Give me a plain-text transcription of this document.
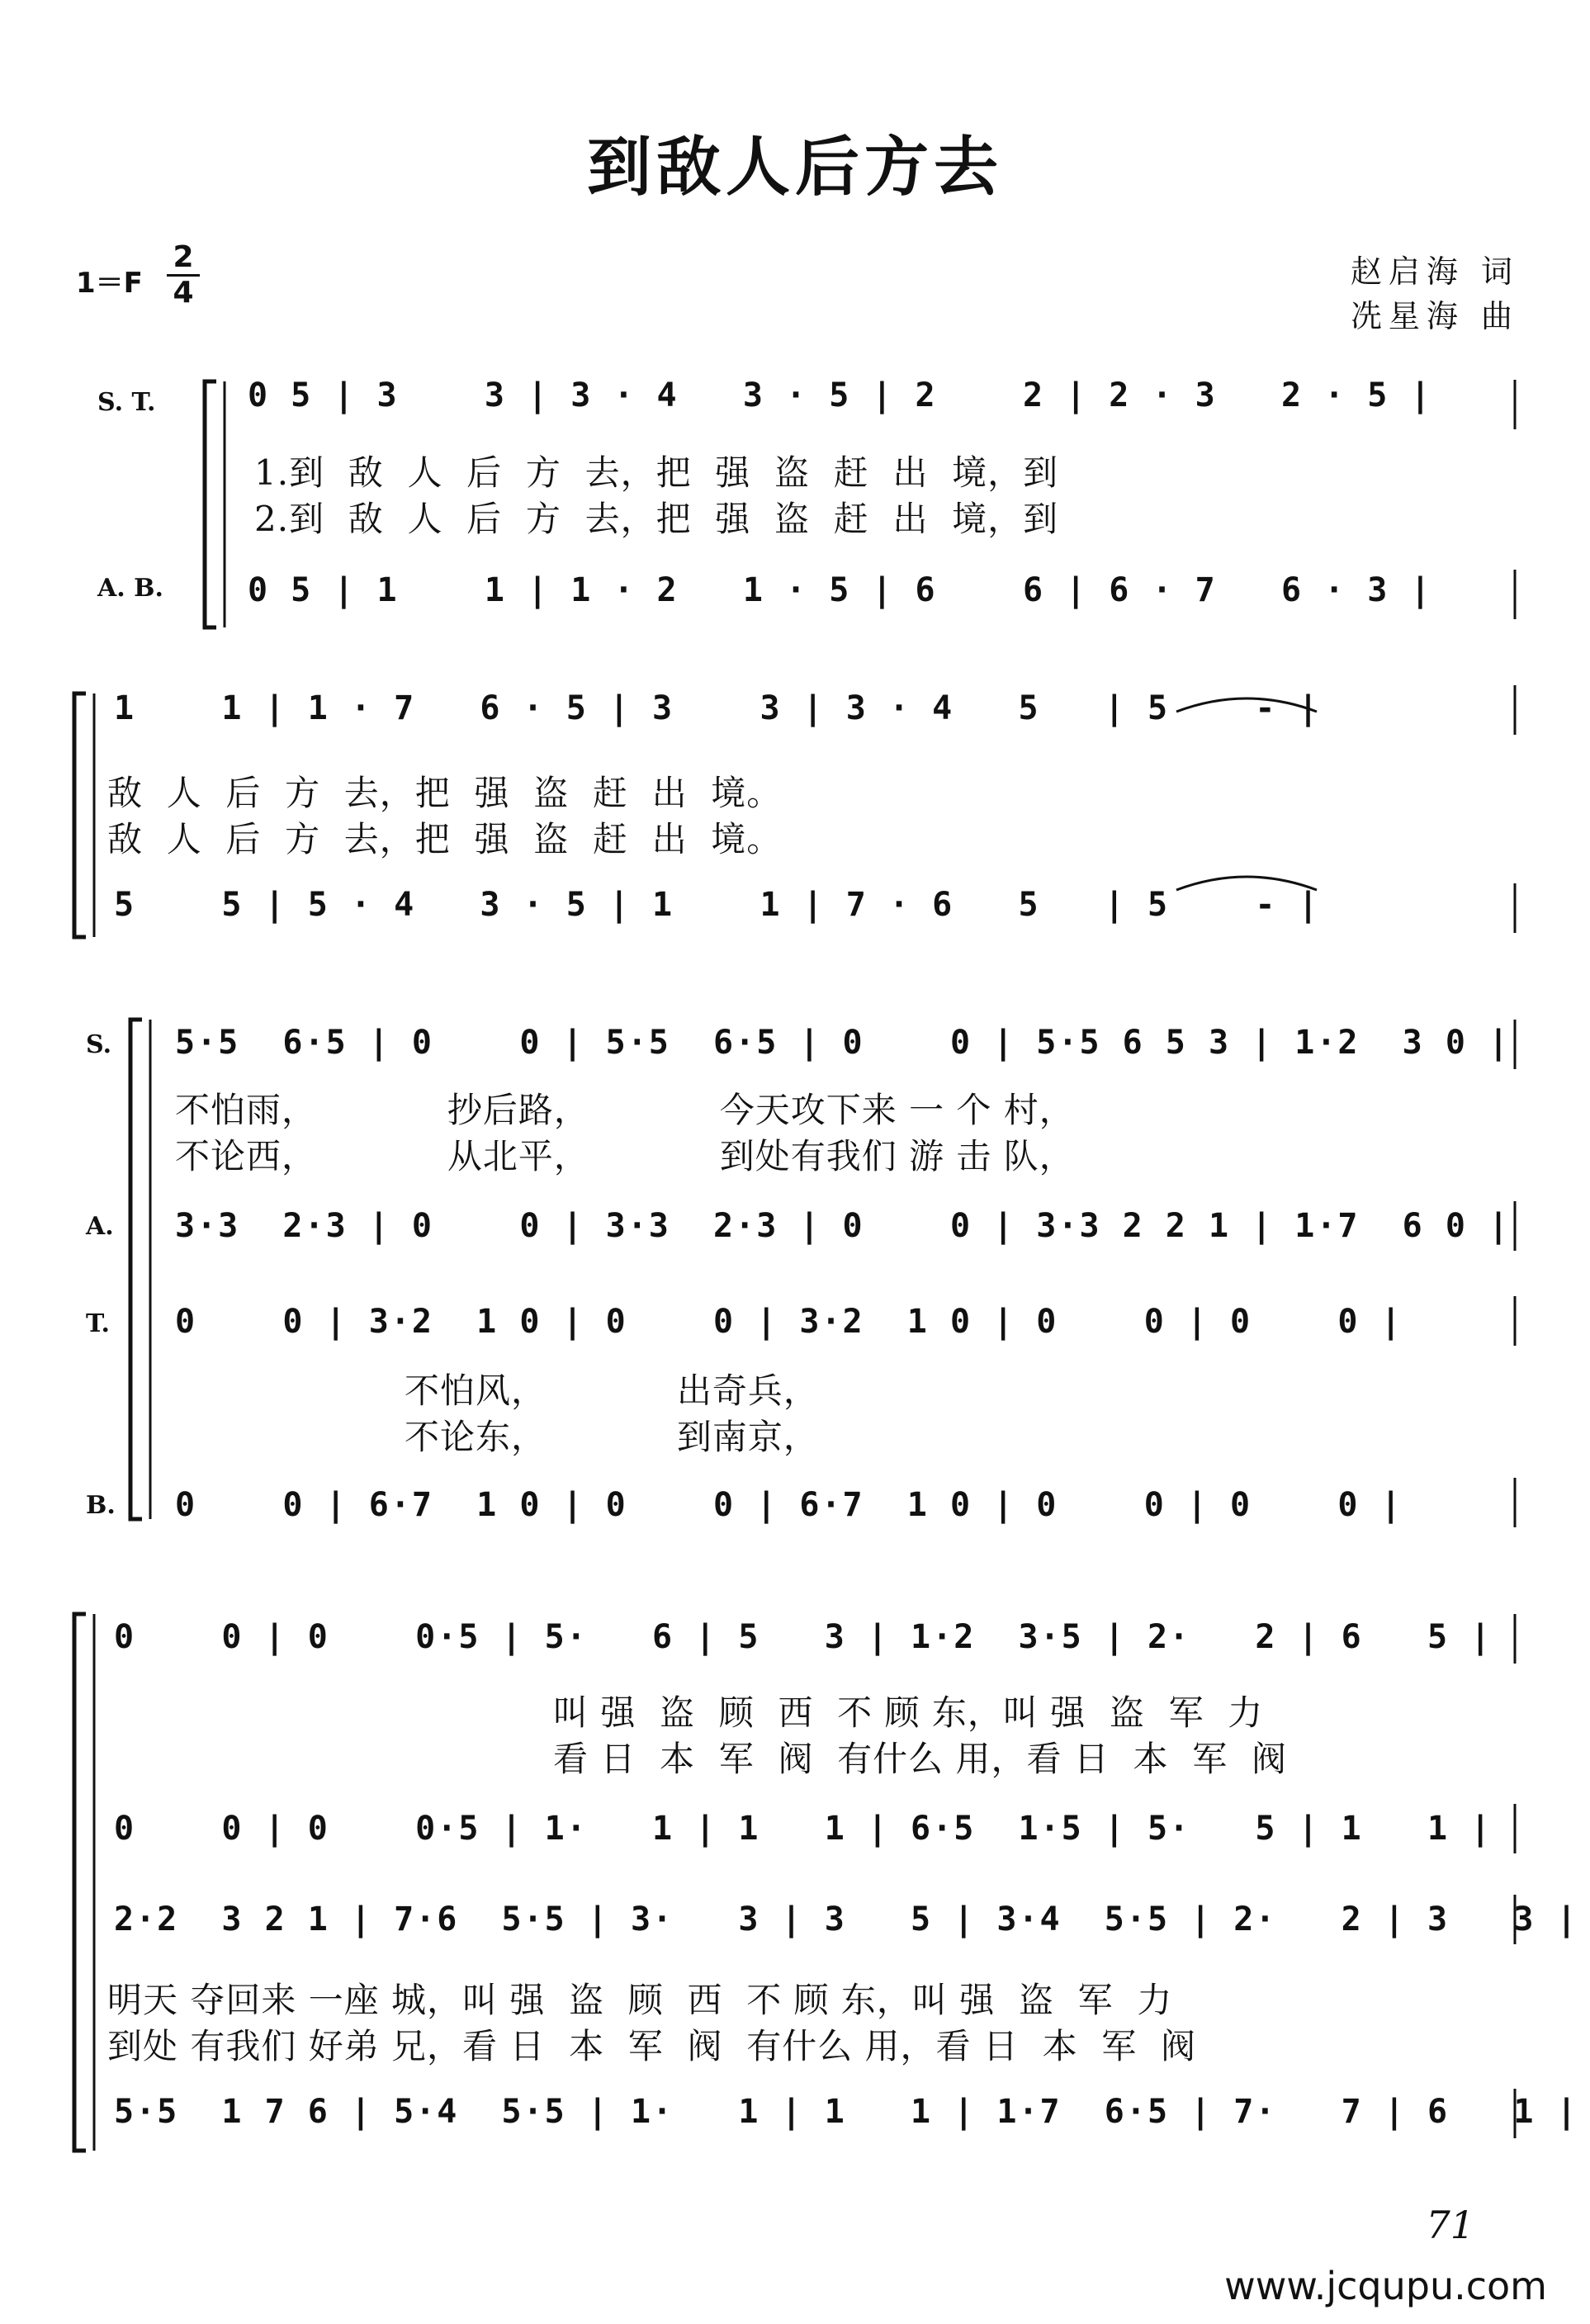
到敌人后方去
1＝F
2
4
赵启海 词
冼星海 曲
S. T.
A. B.
S.
A.
T.
B.
0 5 | 3    3 | 3 · 4   3 · 5 | 2    2 | 2 · 3   2 · 5 |
1.到  敌  人  后  方  去，把  强  盗  赶  出  境，到
2.到  敌  人  后  方  去，把  强  盗  赶  出  境，到
0 5 | 1    1 | 1 · 2   1 · 5 | 6    6 | 6 · 7   6 · 3 |
1    1 | 1 · 7   6 · 5 | 3    3 | 3 · 4   5   | 5    - |
敌  人  后  方  去，把  强  盗  赶  出  境。
敌  人  后  方  去，把  强  盗  赶  出  境。
5    5 | 5 · 4   3 · 5 | 1    1 | 7 · 6   5   | 5    - |
5·5  6·5 | 0    0 | 5·5  6·5 | 0    0 | 5·5 6 5 3 | 1·2  3 0 |
不怕雨，           抄后路，           今天攻下来 一 个 村，
不论西，           从北平，           到处有我们 游 击 队，
3·3  2·3 | 0    0 | 3·3  2·3 | 0    0 | 3·3 2 2 1 | 1·7  6 0 |
0    0 | 3·2  1 0 | 0    0 | 3·2  1 0 | 0    0 | 0    0 |
不怕风，           出奇兵，
不论东，           到南京，
0    0 | 6·7  1 0 | 0    0 | 6·7  1 0 | 0    0 | 0    0 |
0    0 | 0    0·5 | 5·   6 | 5   3 | 1·2  3·5 | 2·   2 | 6   5 |
叫 强  盗  顾  西  不 顾 东，叫 强  盗  军  力
看 日  本  军  阀  有什么 用，看 日  本  军  阀
0    0 | 0    0·5 | 1·   1 | 1   1 | 6·5  1·5 | 5·   5 | 1   1 |
2·2  3 2 1 | 7·6  5·5 | 3·   3 | 3   5 | 3·4  5·5 | 2·   2 | 3   3 |
明天 夺回来 一座 城，叫 强  盗  顾  西  不 顾 东，叫 强  盗  军  力
到处 有我们 好弟 兄，看 日  本  军  阀  有什么 用，看 日  本  军  阀
5·5  1 7 6 | 5·4  5·5 | 1·   1 | 1   1 | 1·7  6·5 | 7·   7 | 6   1 |
71
www.jcqupu.com
